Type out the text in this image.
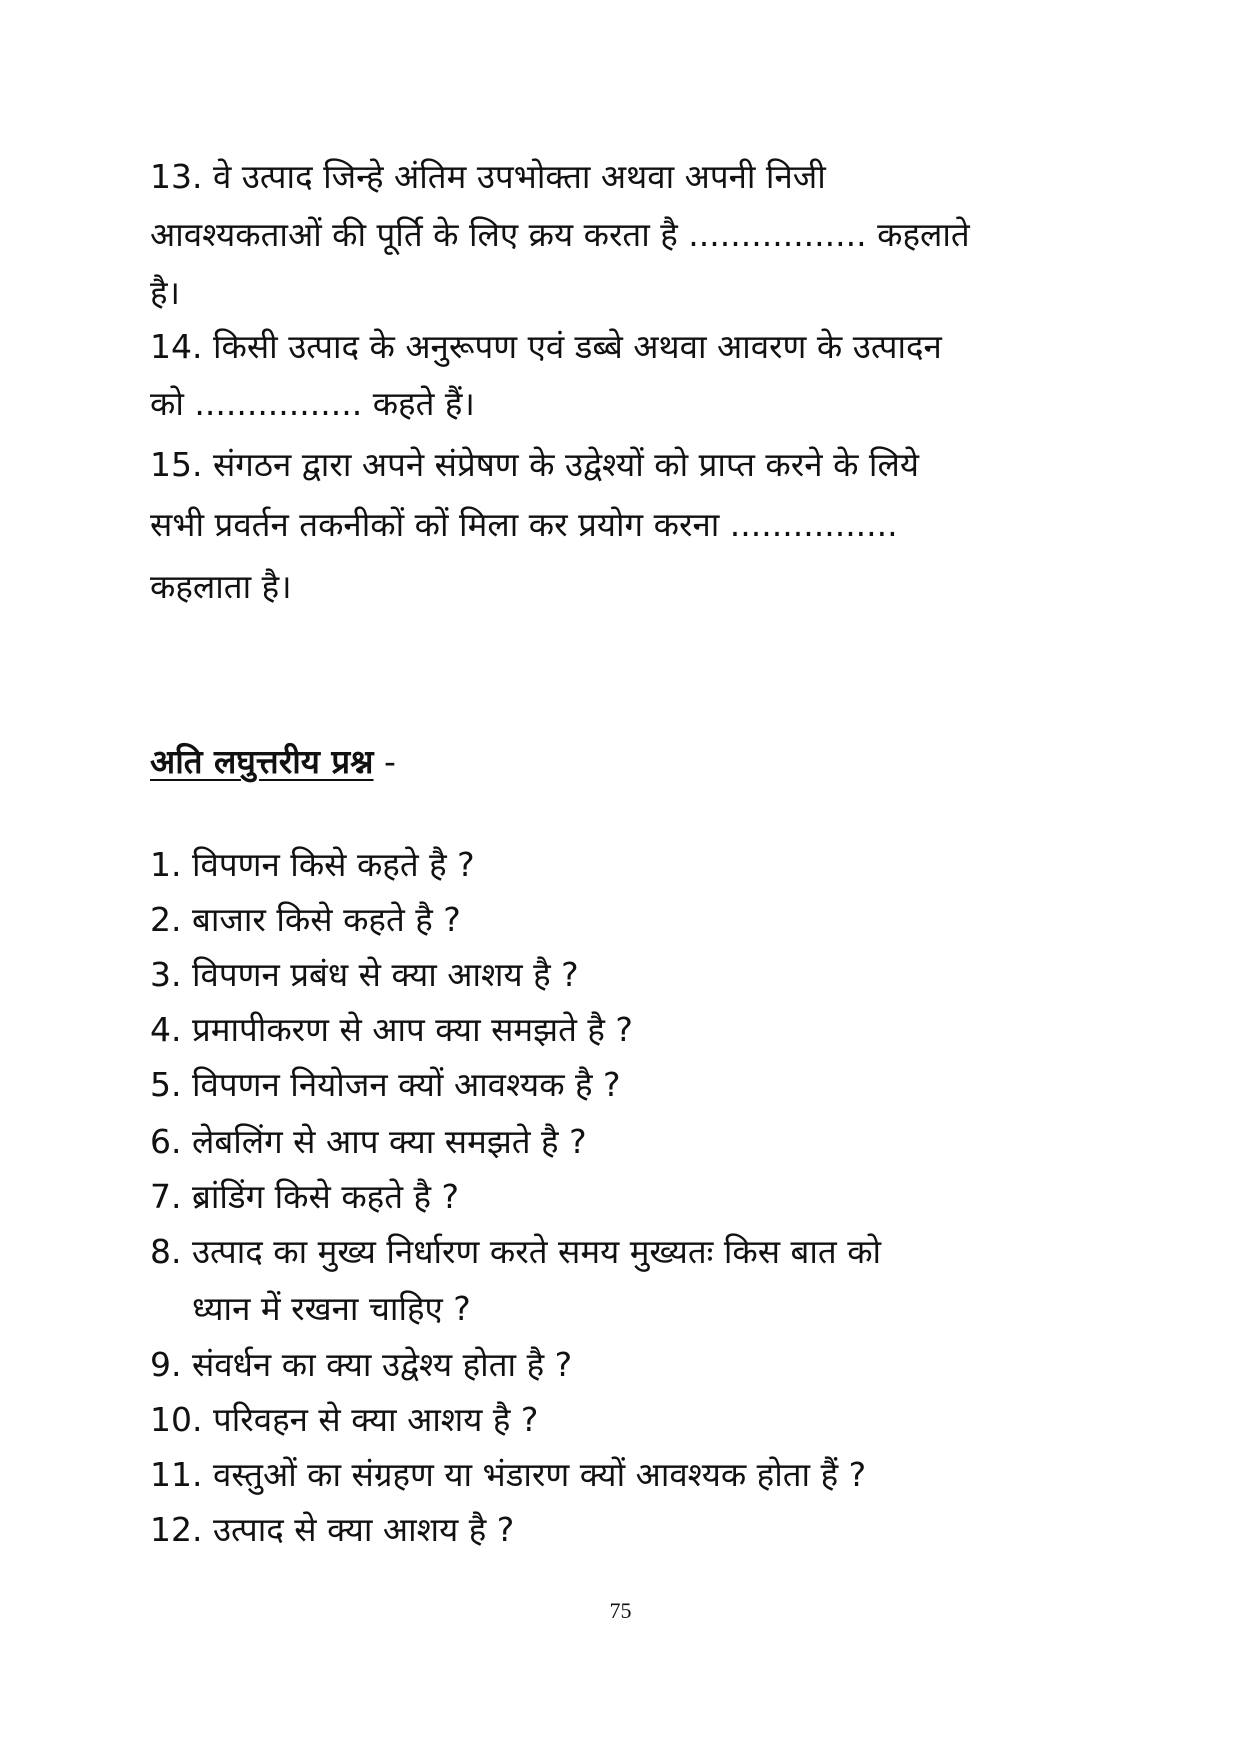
13. वे उत्पाद जिन्हे अंतिम उपभोक्ता अथवा अपनी निजी
आवश्यकताओं की पूर्ति के लिए क्रय करता है ................. कहलाते
है।
14. किसी उत्पाद के अनुरूपण एवं डब्बे अथवा आवरण के उत्पादन
को ................ कहते हैं।
15. संगठन द्वारा अपने संप्रेषण के उद्वेश्यों को प्राप्त करने के लिये
सभी प्रवर्तन तकनीकों कों मिला कर प्रयोग करना ................
कहलाता है।
अति लघुत्तरीय प्रश्न -
1. विपणन किसे कहते है ?
2. बाजार किसे कहते है ?
3. विपणन प्रबंध से क्या आशय है ?
4. प्रमापीकरण से आप क्या समझते है ?
5. विपणन नियोजन क्यों आवश्यक है ?
6. लेबलिंग से आप क्या समझते है ?
7. ब्रांडिंग किसे कहते है ?
8. उत्पाद का मुख्य निर्धारण करते समय मुख्यतः किस बात को
ध्यान में रखना चाहिए ?
9. संवर्धन का क्या उद्वेश्य होता है ?
10. परिवहन से क्या आशय है ?
11. वस्तुओं का संग्रहण या भंडारण क्यों आवश्यक होता हैं ?
12. उत्पाद से क्या आशय है ?
75
